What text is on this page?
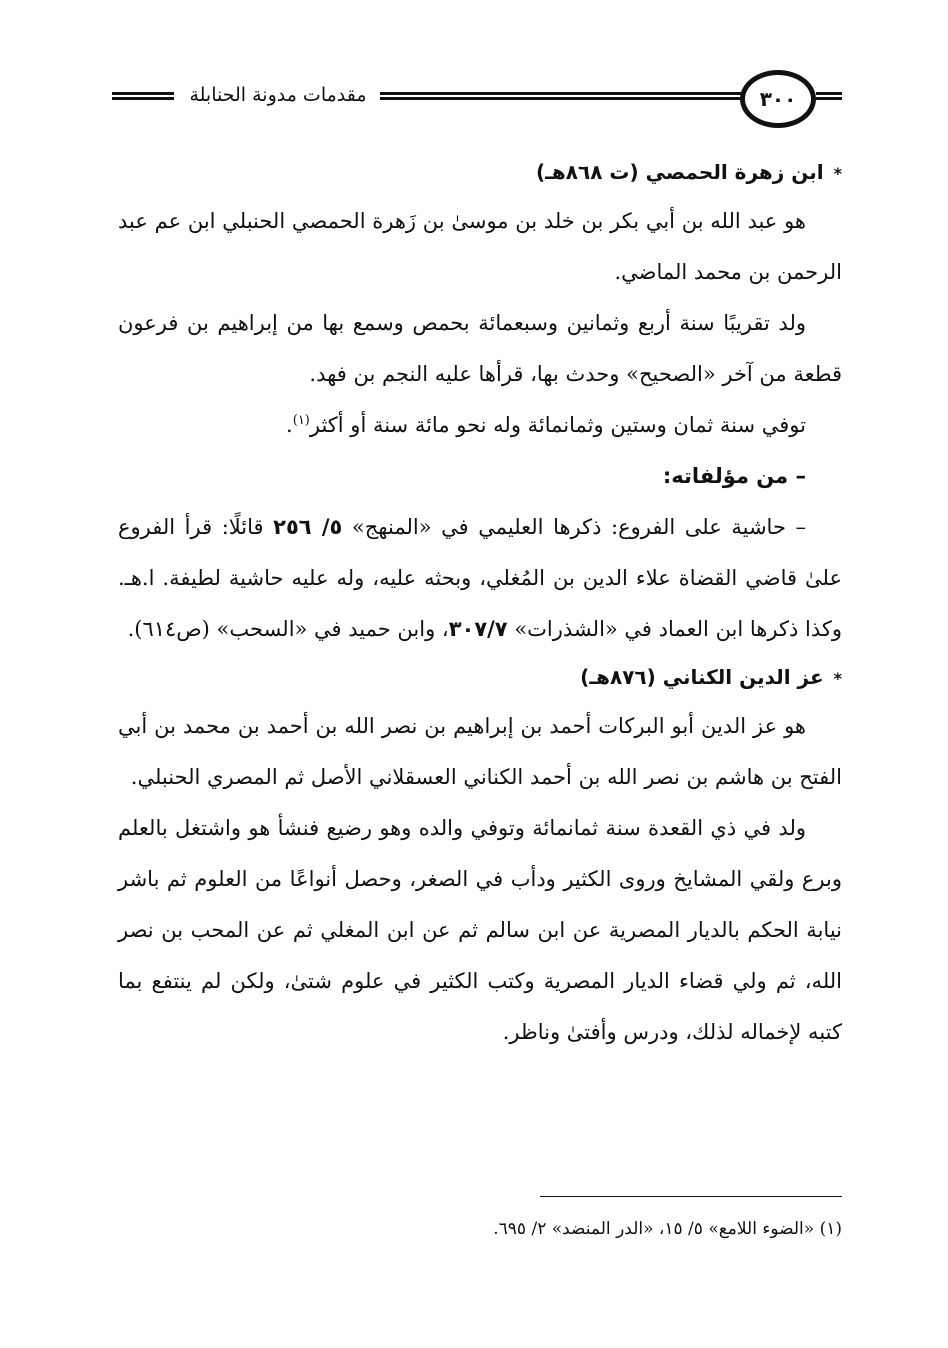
مقدمات مدونة الحنابلة	٣٠٠

*ابن زهرة الحمصي (ت ٨٦٨هـ)

هو عبد الله بن أبي بكر بن خلد بن موسىٰ بن زَهرة الحمصي الحنبلي ابن عم عبد الرحمن بن محمد الماضي.

ولد تقريبًا سنة أربع وثمانين وسبعمائة بحمص وسمع بها من إبراهيم بن فرعون قطعة من آخر «الصحيح» وحدث بها، قرأها عليه النجم بن فهد.

توفي سنة ثمان وستين وثمانمائة وله نحو مائة سنة أو أكثر$^{(١)}$.

– من مؤلفاته:

– حاشية على الفروع: ذكرها العليمي في «المنهج» ٥/ ٢٥٦ قائلًا: قرأ الفروع علىٰ قاضي القضاة علاء الدين بن المُغلي، وبحثه عليه، وله عليه حاشية لطيفة. ا.هـ. وكذا ذكرها ابن العماد في «الشذرات» ٣٠٧/٧، وابن حميد في «السحب» (ص٦١٤).

*عز الدين الكناني (٨٧٦هـ)

هو عز الدين أبو البركات أحمد بن إبراهيم بن نصر الله بن أحمد بن محمد بن أبي الفتح بن هاشم بن نصر الله بن أحمد الكناني العسقلاني الأصل ثم المصري الحنبلي.

ولد في ذي القعدة سنة ثمانمائة وتوفي والده وهو رضيع فنشأ هو واشتغل بالعلم وبرع ولقي المشايخ وروى الكثير ودأب في الصغر، وحصل أنواعًا من العلوم ثم باشر نيابة الحكم بالديار المصرية عن ابن سالم ثم عن ابن المغلي ثم عن المحب بن نصر الله، ثم ولي قضاء الديار المصرية وكتب الكثير في علوم شتىٰ، ولكن لم ينتفع بما كتبه لإخماله لذلك، ودرس وأفتىٰ وناظر.

(١) «الضوء اللامع» ٥/ ١٥، «الدر المنضد» ٢/ ٦٩٥.
